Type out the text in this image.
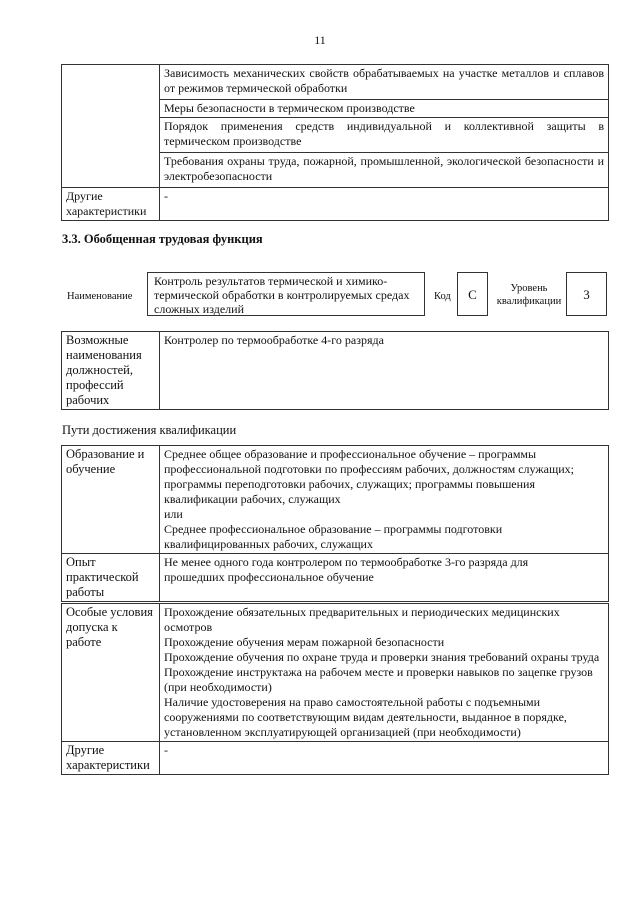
11
	Зависимость механических свойств обрабатываемых на участке металлов и сплавов от режимов термической обработки
	Меры безопасности в термическом производстве
	Порядок применения средств индивидуальной и коллективной защиты в термическом производстве
	Требования охраны труда, пожарной, промышленной, экологической безопасности и электробезопасности
Другие характеристики	-
3.3. Обобщенная трудовая функция
Наименование
Контроль результатов термической и химико-термической обработки в контролируемых средах сложных изделий
Код C	Уровень квалификации 3
Возможные наименования должностей, профессий рабочих	Контролер по термообработке 4-го разряда
Пути достижения квалификации
Образование и обучение	Среднее общее образование и профессиональное обучение – программы профессиональной подготовки по профессиям рабочих, должностям служащих; программы переподготовки рабочих, служащих; программы повышения квалификации рабочих, служащих
или
Среднее профессиональное образование – программы подготовки квалифицированных рабочих, служащих

Опыт практической работы	Не менее одного года контролером по термообработке 3-го разряда для прошедших профессиональное обучение
Особые условия допуска к работе	Прохождение обязательных предварительных и периодических медицинских осмотров
Прохождение обучения мерам пожарной безопасности
Прохождение обучения по охране труда и проверки знания требований охраны труда
Прохождение инструктажа на рабочем месте и проверки навыков по зацепке грузов (при необходимости)
Наличие удостоверения на право самостоятельной работы с подъемными сооружениями по соответствующим видам деятельности, выданное в порядке, установленном эксплуатирующей организацией (при необходимости)

Другие характеристики	-
